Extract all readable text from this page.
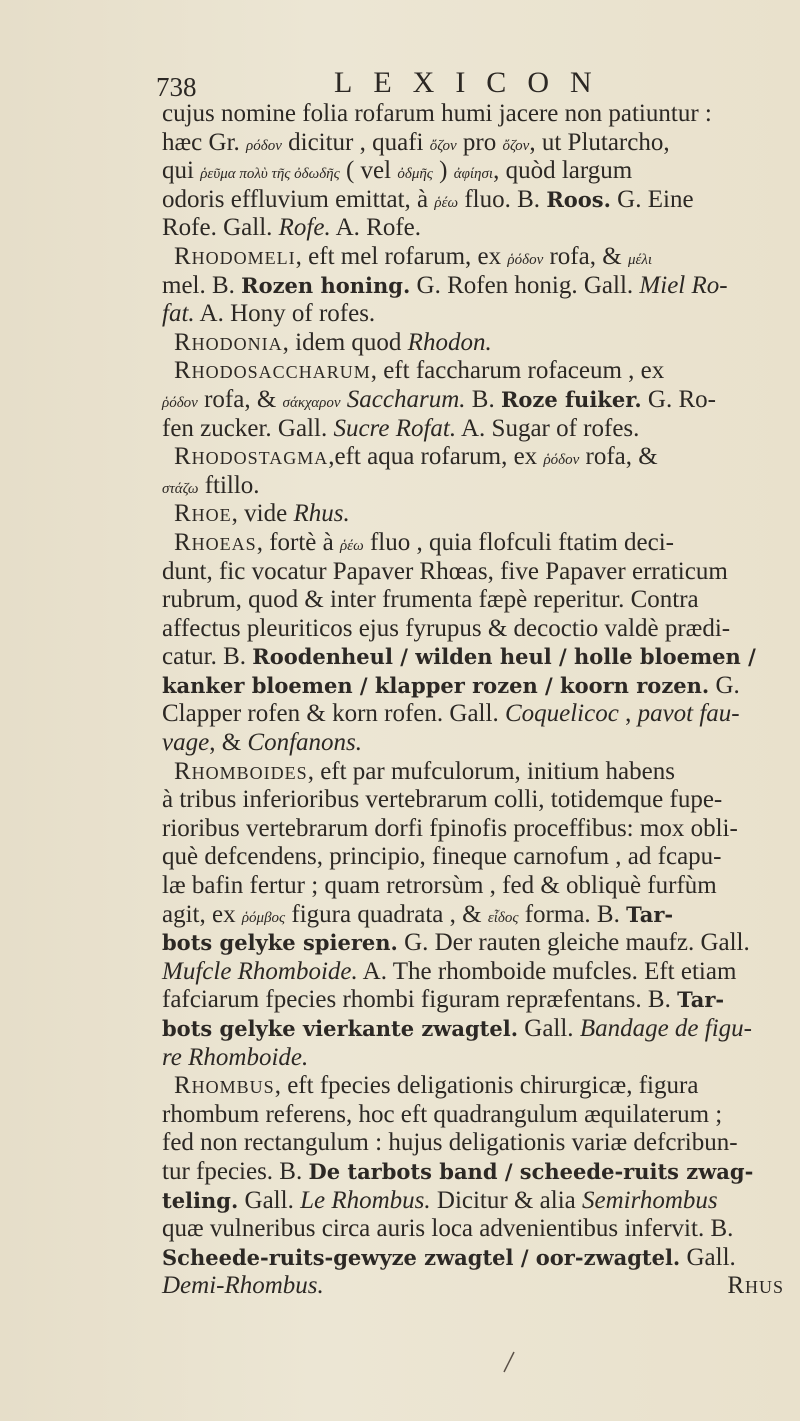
738	LEXICON
cujus nomine folia rofarum humi jacere non patiuntur :
hæc Gr. ρόδον dicitur , quafi ὄζον pro ὄζον, ut Plutarcho,
qui ῥεῦμα πολὺ τῆς ὀδωδῆς ( vel ὀδμῆς ) ἀφίησι, quòd largum
odoris effluvium emittat, à ῥέω fluo. B. Roos. G. Eine
Rofe. Gall. Rofe. A. Rofe.
Rhodomeli, eft mel rofarum, ex ῥόδον rofa, & μέλι
mel. B. Rozen honing. G. Rofen honig. Gall. Miel Ro-
fat. A. Hony of rofes.
Rhodonia, idem quod Rhodon.
Rhodosaccharum, eft faccharum rofaceum , ex
ῥόδον rofa, & σάκχαρον Saccharum. B. Roze fuiker. G. Ro-
fen zucker. Gall. Sucre Rofat. A. Sugar of rofes.
Rhodostagma,eft aqua rofarum, ex ῥόδον rofa, &
στάζω ftillo.
Rhoe, vide Rhus.
Rhoeas, fortè à ῥέω fluo , quia flofculi ftatim deci-
dunt, fic vocatur Papaver Rhœas, five Papaver erraticum
rubrum, quod & inter frumenta fæpè reperitur. Contra
affectus pleuriticos ejus fyrupus & decoctio valdè prædi-
catur. B. Roodenheul / wilden heul / holle bloemen /
kanker bloemen / klapper rozen / koorn rozen. G.
Clapper rofen & korn rofen. Gall. Coquelicoc , pavot fau-
vage, & Confanons.
Rhomboides, eft par mufculorum, initium habens
à tribus inferioribus vertebrarum colli, totidemque fupe-
rioribus vertebrarum dorfi fpinofis proceffibus: mox obli-
què defcendens, principio, fineque carnofum , ad fcapu-
læ bafin fertur ; quam retrorsùm , fed & obliquè furfùm
agit, ex ῥόμβος figura quadrata , & εἶδος forma. B. Tar-
bots gelyke spieren. G. Der rauten gleiche maufz. Gall.
Mufcle Rhomboide. A. The rhomboide mufcles. Eft etiam
fafciarum fpecies rhombi figuram repræfentans. B. Tar-
bots gelyke vierkante zwagtel. Gall. Bandage de figu-
re Rhomboide.
Rhombus, eft fpecies deligationis chirurgicæ, figura
rhombum referens, hoc eft quadrangulum æquilaterum ;
fed non rectangulum : hujus deligationis variæ defcribun-
tur fpecies. B. De tarbots band / scheede-ruits zwag-
teling. Gall. Le Rhombus. Dicitur & alia Semirhombus
quæ vulneribus circa auris loca advenientibus infervit. B.
Scheede-ruits-gewyze zwagtel / oor-zwagtel. Gall.
Demi-Rhombus.	Rhus
